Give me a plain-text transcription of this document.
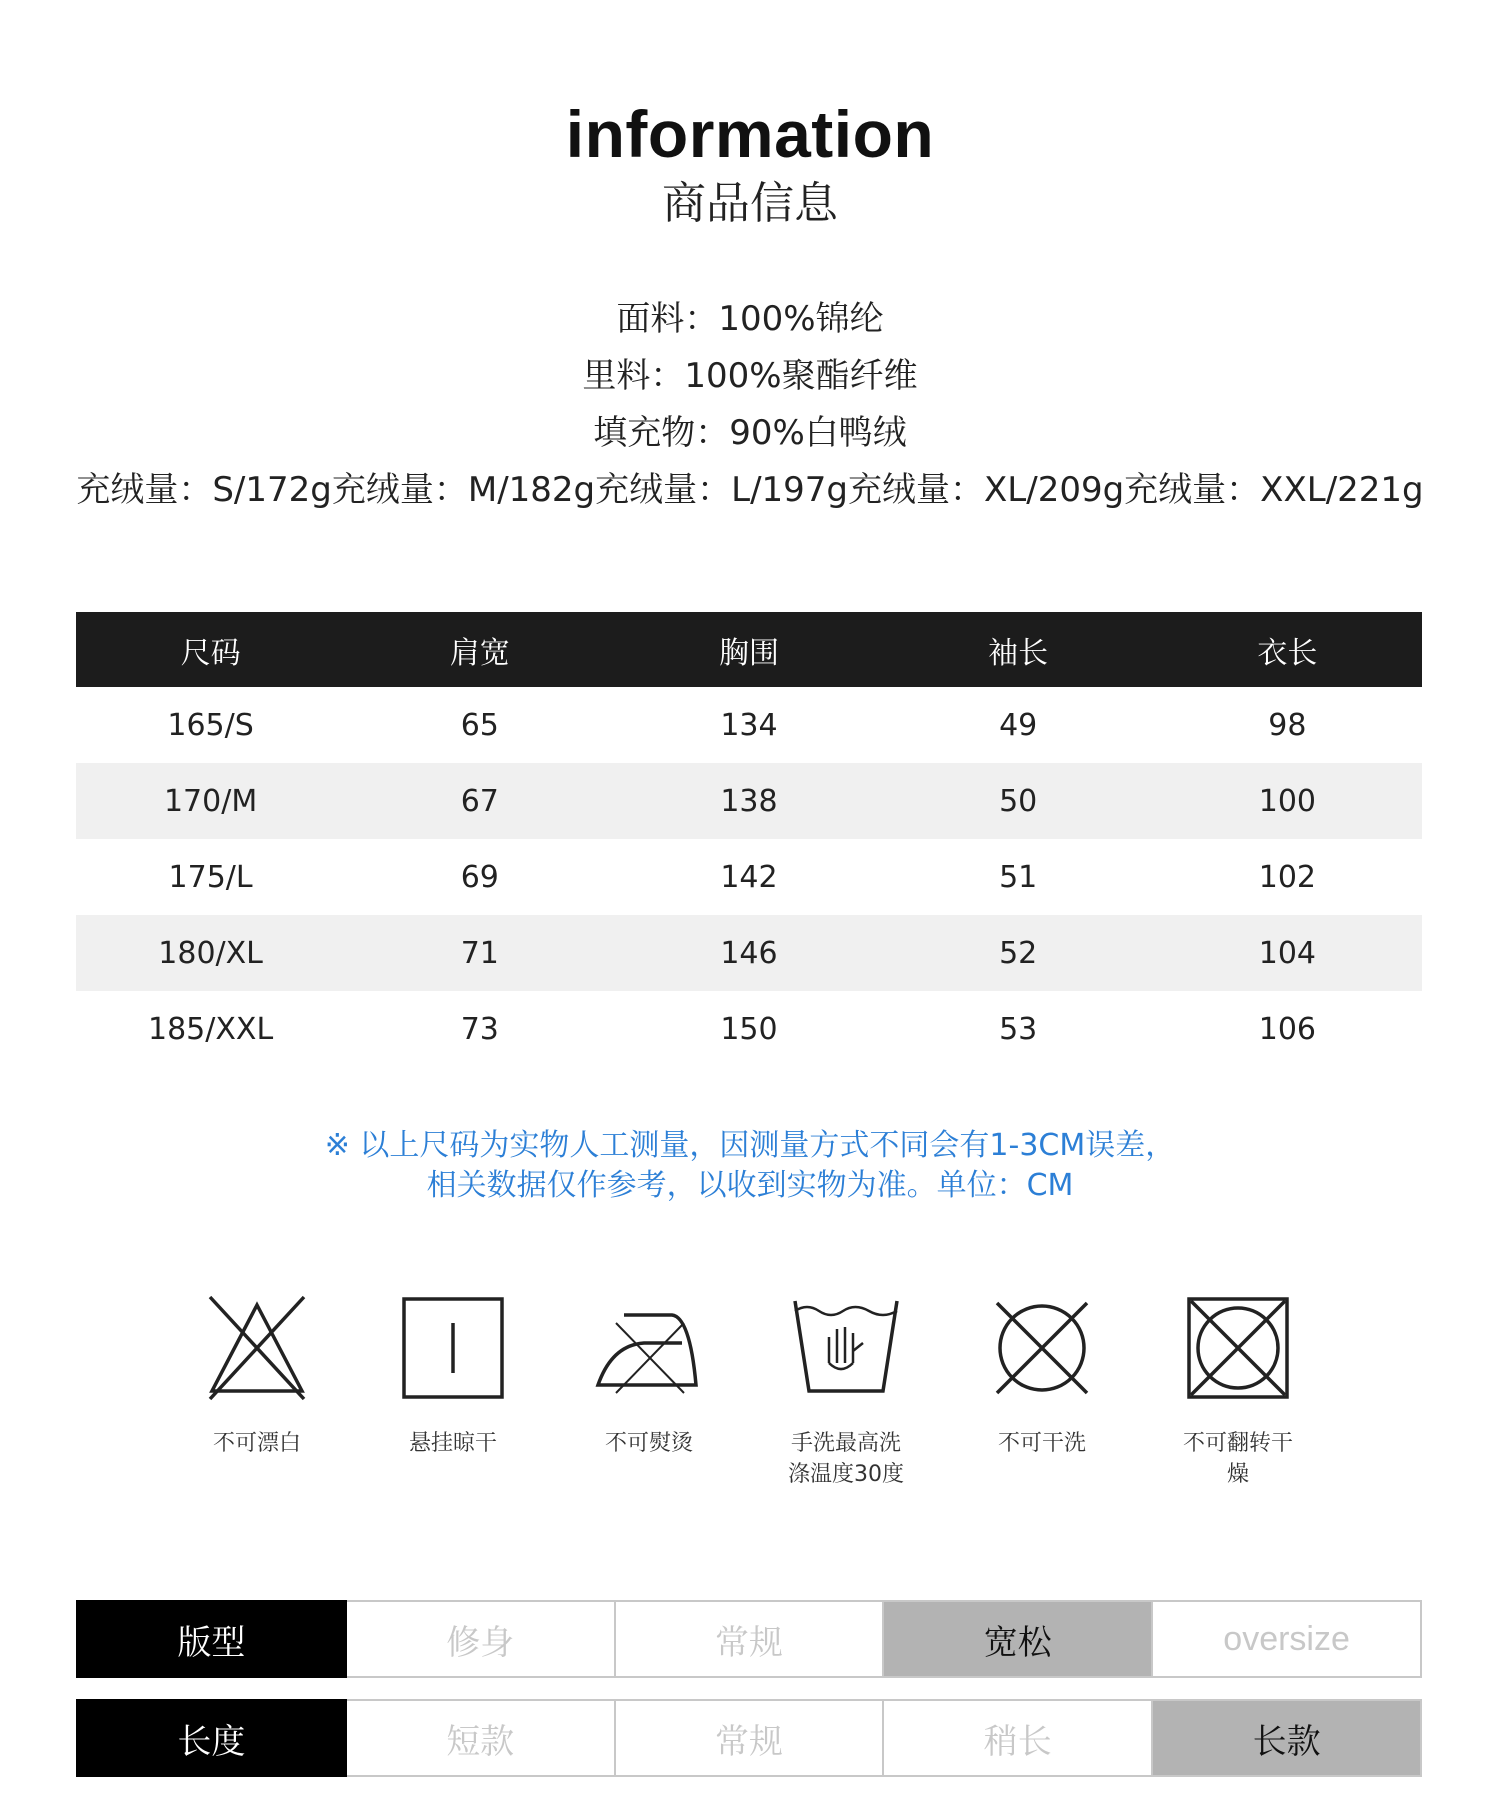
information
商品信息
面料：100%锦纶
里料：100%聚酯纤维
填充物：90%白鸭绒
充绒量：S/172g充绒量：M/182g充绒量：L/197g充绒量：XL/209g充绒量：XXL/221g
尺码	肩宽	胸围	袖长	衣长
165/S	65	134	49	98
170/M	67	138	50	100
175/L	69	142	51	102
180/XL	71	146	52	104
185/XXL	73	150	53	106
※ 以上尺码为实物人工测量，因测量方式不同会有1-3CM误差，
相关数据仅作参考，以收到实物为准。单位：CM
不可漂白	悬挂晾干	不可熨烫	手洗最高洗涤温度30度
不可干洗	不可翻转干燥
版型	修身	常规	宽松	oversize
长度	短款	常规	稍长	长款
